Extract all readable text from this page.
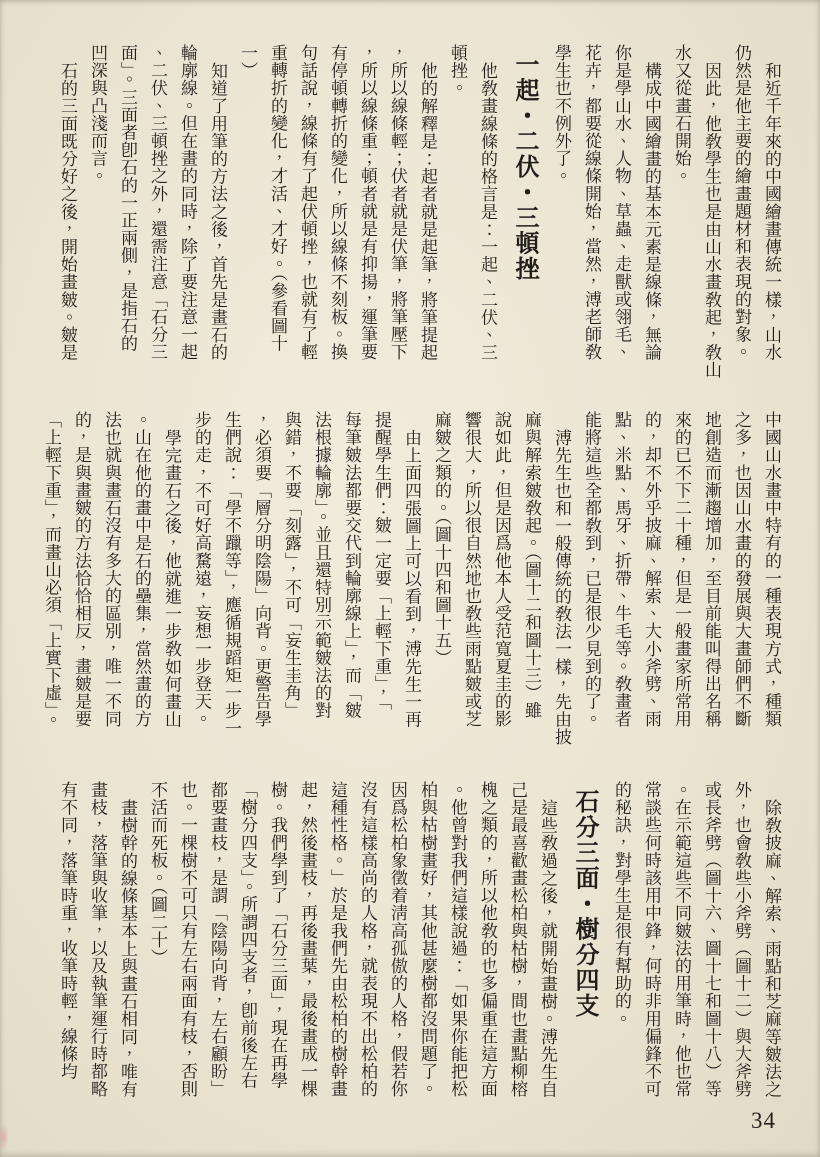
和近千年來的中國繪畫傳統一樣，山水
仍然是他主要的繪畫題材和表現的對象。
因此，他敎學生也是由山水畫敎起，敎山
水又從畫石開始。
構成中國繪畫的基本元素是線條，無論
你是學山水、人物、草蟲、走獸或翎毛、
花卉，都要從線條開始，當然，溥老師敎
學生也不例外了。
一起・二伏・三頓挫
他敎畫線條的格言是：一起、二伏、三
頓挫。
他的解釋是：起者就是起筆，將筆提起
，所以線條輕；伏者就是伏筆，將筆壓下
，所以線條重；頓者就是有抑揚，運筆要
有停頓轉折的變化，所以線條不刻板。換
句話說，線條有了起伏頓挫，也就有了輕
重轉折的變化，才活、才好。（參看圖十
一）
知道了用筆的方法之後，首先是畫石的
輪廓線。但在畫的同時，除了要注意一起
、二伏、三頓挫之外，還需注意「石分三
面」。三面者卽石的一正兩側，是指石的
凹深與凸淺而言。
石的三面既分好之後，開始畫皴。皴是
中國山水畫中特有的一種表現方式，種類
之多，也因山水畫的發展與大畫師們不斷
地創造而漸趨增加，至目前能叫得出名稱
來的已不下二十種，但是一般畫家所常用
的，却不外乎披麻、解索、大小斧劈、雨
點、米點、馬牙、折帶、牛毛等。敎畫者
能將這些全都敎到，已是很少見到的了。
溥先生也和一般傳統的敎法一樣，先由披
麻與解索皴敎起。（圖十二和圖十三）雖
說如此，但是因爲他本人受范寬夏圭的影
響很大，所以很自然地也敎些雨點皴或芝
麻皴之類的。（圖十四和圖十五）
由上面四張圖上可以看到，溥先生一再
提醒學生們：皴一定要「上輕下重」，「
每筆皴法都要交代到輪廓線上」，而「皴
法根據輪廓」。並且還特別示範皴法的對
與錯，不要「刻露」，不可「妄生圭角」
，必須要「層分明陰陽」向背。更警告學
生們說：「學不躐等」，應循規蹈矩一步一
步的走，不可好高騖遠，妄想一步登天。
學完畫石之後，他就進一步敎如何畫山
。山在他的畫中是石的壘集，當然畫的方
法也就與畫石沒有多大的區別，唯一不同
的，是與畫皴的方法恰恰相反，畫皴是要
「上輕下重」，而畫山必須「上實下虛」。
除敎披麻、解索、雨點和芝麻等皴法之
外，也會敎些小斧劈（圖十二）與大斧劈
或長斧劈（圖十六、圖十七和圖十八）等
。在示範這些不同皴法的用筆時，他也常
常談些何時該用中鋒，何時非用偏鋒不可
的秘訣，對學生是很有幫助的。
石分三面・樹分四支
這些敎過之後，就開始畫樹。溥先生自
己是最喜歡畫松柏與枯樹，間也畫點柳榕
槐之類的，所以他敎的也多偏重在這方面
。他曾對我們這樣說過：「如果你能把松
柏與枯樹畫好，其他甚麼樹都沒問題了。
因爲松柏象徵着淸高孤傲的人格，假若你
沒有這樣高尚的人格，就表現不出松柏的
這種性格。」於是我們先由松柏的樹幹畫
起，然後畫枝，再後畫葉，最後畫成一棵
樹。我們學到了「石分三面」，現在再學
「樹分四支」。所謂四支者，卽前後左右
都要畫枝，是謂「陰陽向背，左右顧盼」
也。一棵樹不可只有左右兩面有枝，否則
不活而死板。（圖二十）
畫樹幹的線條基本上與畫石相同，唯有
畫枝，落筆與收筆，以及執筆運行時都略
有不同，落筆時重，收筆時輕，線條均
34
